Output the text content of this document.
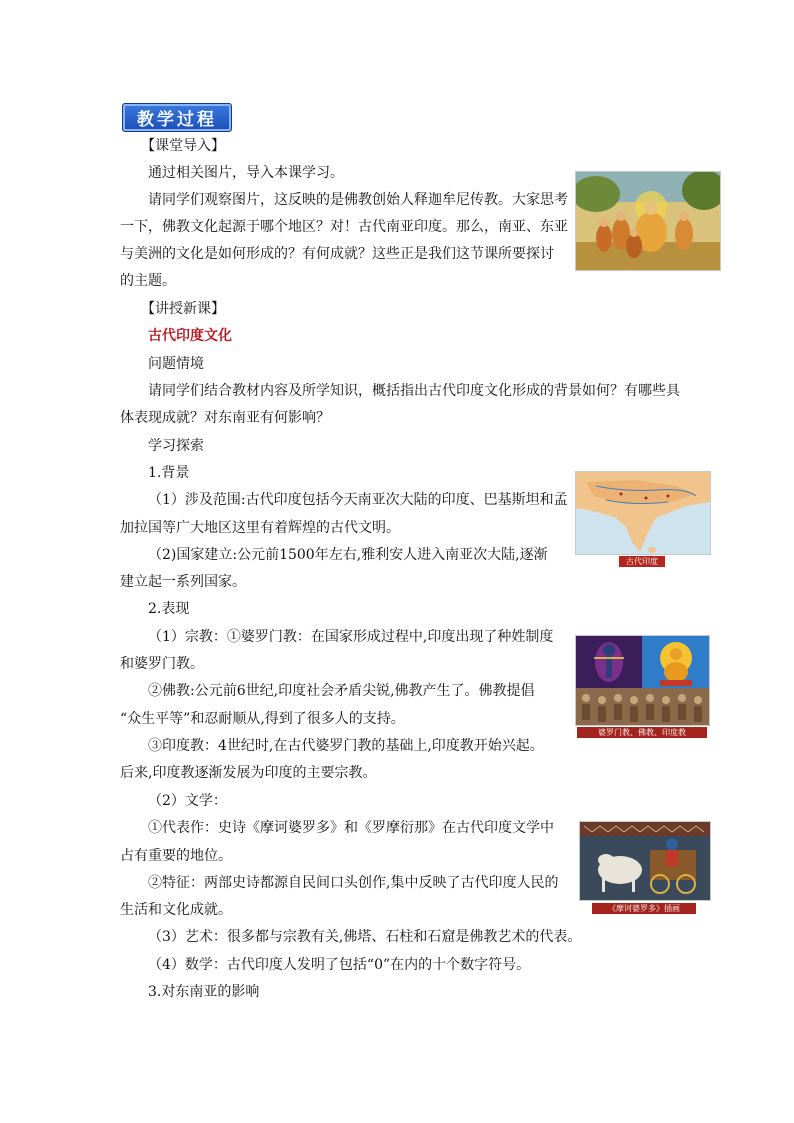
教学过程
【课堂导入】
通过相关图片，导入本课学习。
请同学们观察图片，这反映的是佛教创始人释迦牟尼传教。大家思考
一下，佛教文化起源于哪个地区？对！古代南亚印度。那么，南亚、东亚
与美洲的文化是如何形成的？有何成就？这些正是我们这节课所要探讨
的主题。
【讲授新课】
古代印度文化
问题情境
请同学们结合教材内容及所学知识，概括指出古代印度文化形成的背景如何？有哪些具
体表现成就？对东南亚有何影响？
学习探索
1.背景
（1）涉及范围:古代印度包括今天南亚次大陆的印度、巴基斯坦和孟
加拉国等广大地区这里有着辉煌的古代文明。
（2)国家建立:公元前1500年左右,雅利安人进入南亚次大陆,逐渐
建立起一系列国家。
古代印度
2.表现
（1）宗教：①婆罗门教：在国家形成过程中,印度出现了种姓制度
和婆罗门教。
②佛教:公元前6世纪,印度社会矛盾尖锐,佛教产生了。佛教提倡
“众生平等”和忍耐顺从,得到了很多人的支持。
③印度教：4世纪时,在古代婆罗门教的基础上,印度教开始兴起。
后来,印度教逐渐发展为印度的主要宗教。
婆罗门教、佛教、印度教
（2）文学：
①代表作：史诗《摩诃婆罗多》和《罗摩衍那》在古代印度文学中
占有重要的地位。
②特征：两部史诗都源自民间口头创作,集中反映了古代印度人民的
生活和文化成就。
（3）艺术：很多都与宗教有关,佛塔、石柱和石窟是佛教艺术的代表。
（4）数学：古代印度人发明了包括“0”在内的十个数字符号。
3.对东南亚的影响
《摩诃婆罗多》插画
